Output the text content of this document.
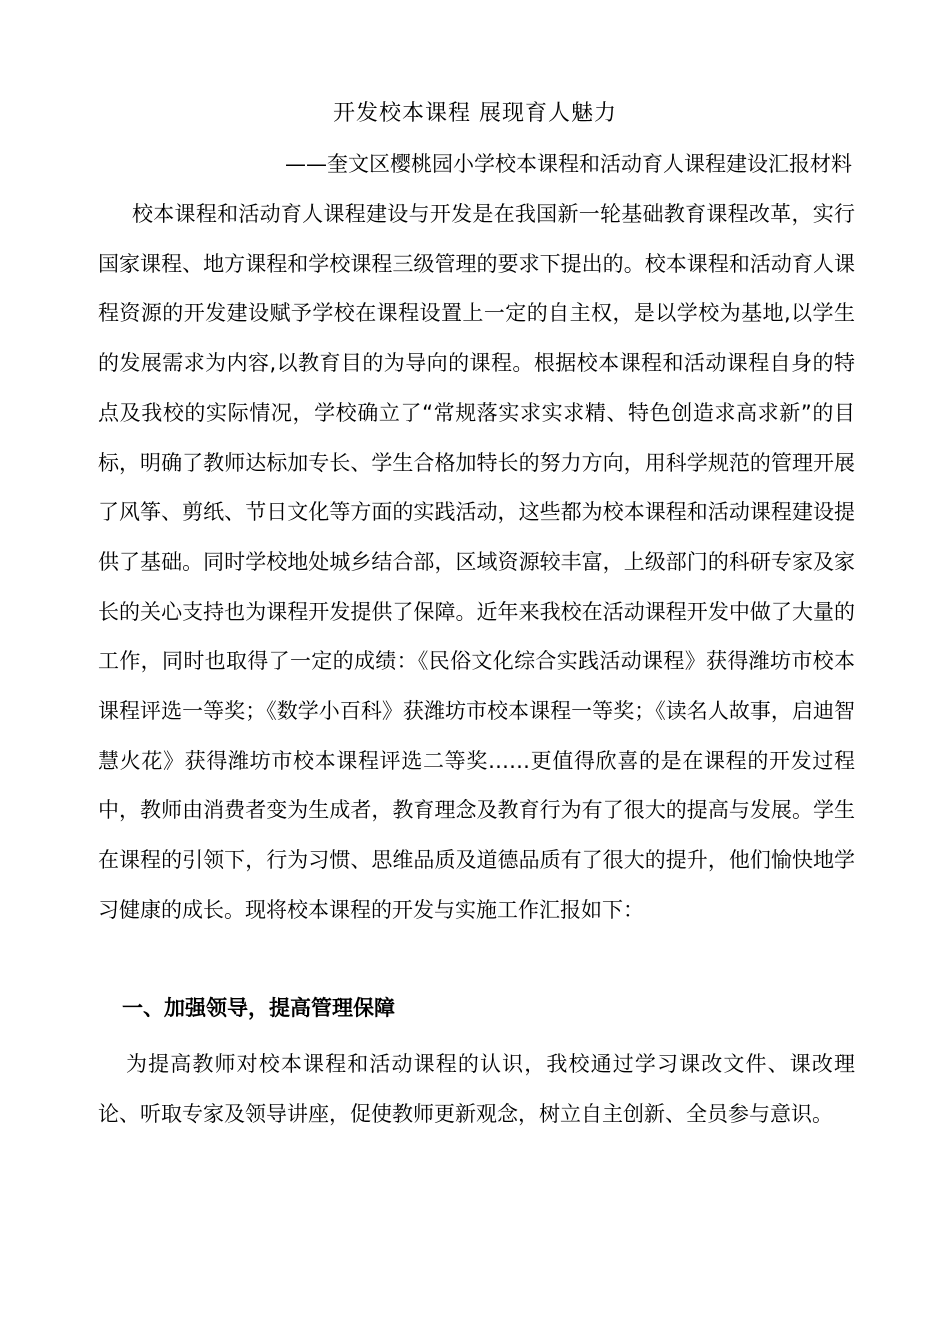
开发校本课程 展现育人魅力
——奎文区樱桃园小学校本课程和活动育人课程建设汇报材料

校本课程和活动育人课程建设与开发是在我国新一轮基础教育课程改革，实行国家课程、地方课程和学校课程三级管理的要求下提出的。校本课程和活动育人课程资源的开发建设赋予学校在课程设置上一定的自主权，是以学校为基地,以学生的发展需求为内容,以教育目的为导向的课程。根据校本课程和活动课程自身的特点及我校的实际情况，学校确立了“常规落实求实求精、特色创造求高求新”的目标，明确了教师达标加专长、学生合格加特长的努力方向，用科学规范的管理开展了风筝、剪纸、节日文化等方面的实践活动，这些都为校本课程和活动课程建设提供了基础。同时学校地处城乡结合部，区域资源较丰富，上级部门的科研专家及家长的关心支持也为课程开发提供了保障。近年来我校在活动课程开发中做了大量的工作，同时也取得了一定的成绩：《民俗文化综合实践活动课程》获得潍坊市校本课程评选一等奖；《数学小百科》获潍坊市校本课程一等奖；《读名人故事，启迪智慧火花》获得潍坊市校本课程评选二等奖……更值得欣喜的是在课程的开发过程中，教师由消费者变为生成者，教育理念及教育行为有了很大的提高与发展。学生在课程的引领下，行为习惯、思维品质及道德品质有了很大的提升，他们愉快地学习健康的成长。现将校本课程的开发与实施工作汇报如下：

一、加强领导，提高管理保障

为提高教师对校本课程和活动课程的认识，我校通过学习课改文件、课改理论、听取专家及领导讲座，促使教师更新观念，树立自主创新、全员参与意识。
